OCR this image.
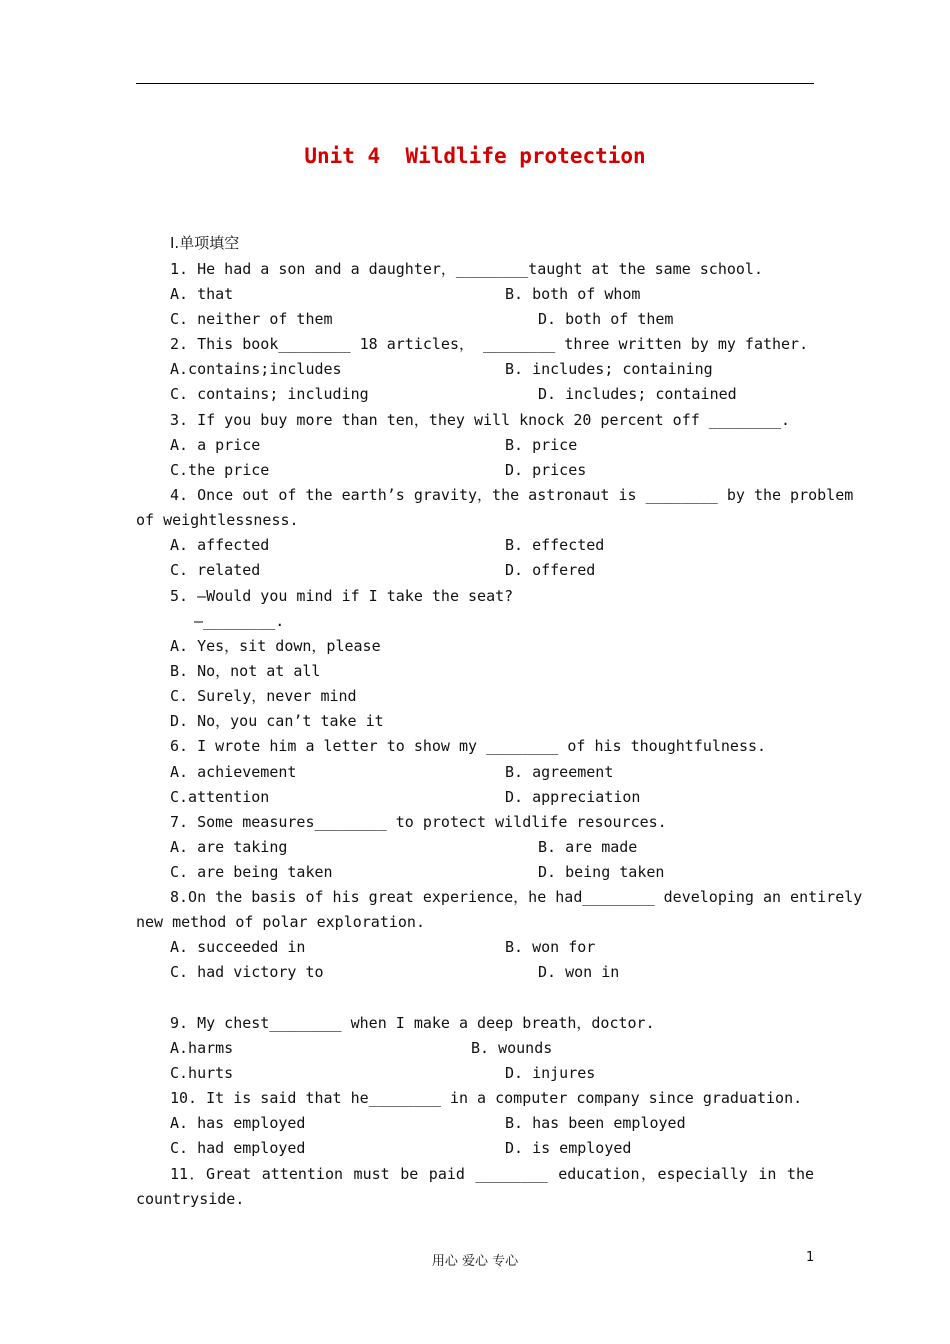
Unit 4  Wildlife protection
Ⅰ.单项填空
1. He had a son and a daughter，________taught at the same school.
A. that	B. both of whom
C. neither of them	D. both of them
2. This book________ 18 articles， ________ three written by my father.
A.contains;includes	B. includes; containing
C. contains; including	D. includes; contained
3. If you buy more than ten，they will knock 20 percent off ________.
A. a price	B. price
C.the price	D. prices
4. Once out of the earth’s gravity，the astronaut is ________ by the problem
of weightlessness.
A. affected	B. effected
C. related	D. offered
5. —Would you mind if I take the seat?
—________.
A. Yes，sit down，please
B. No，not at all
C. Surely，never mind
D. No，you can’t take it
6. I wrote him a letter to show my ________ of his thoughtfulness.
A. achievement	B. agreement
C.attention	D. appreciation
7. Some measures________ to protect wildlife resources.
A. are taking	B. are made
C. are being taken	D. being taken
8.On the basis of his great experience，he had________ developing an entirely
new method of polar exploration.
A. succeeded in	B. won for
C. had victory to	D. won in
9. My chest________ when I make a deep breath，doctor.
A.harms	B. wounds
C.hurts	D. injures
10. It is said that he________ in a computer company since graduation.
A. has employed	B. has been employed
C. had employed	D. is employed
11．Great attention must be paid ________ education，especially in the
countryside.
用心 爱心 专心	1
